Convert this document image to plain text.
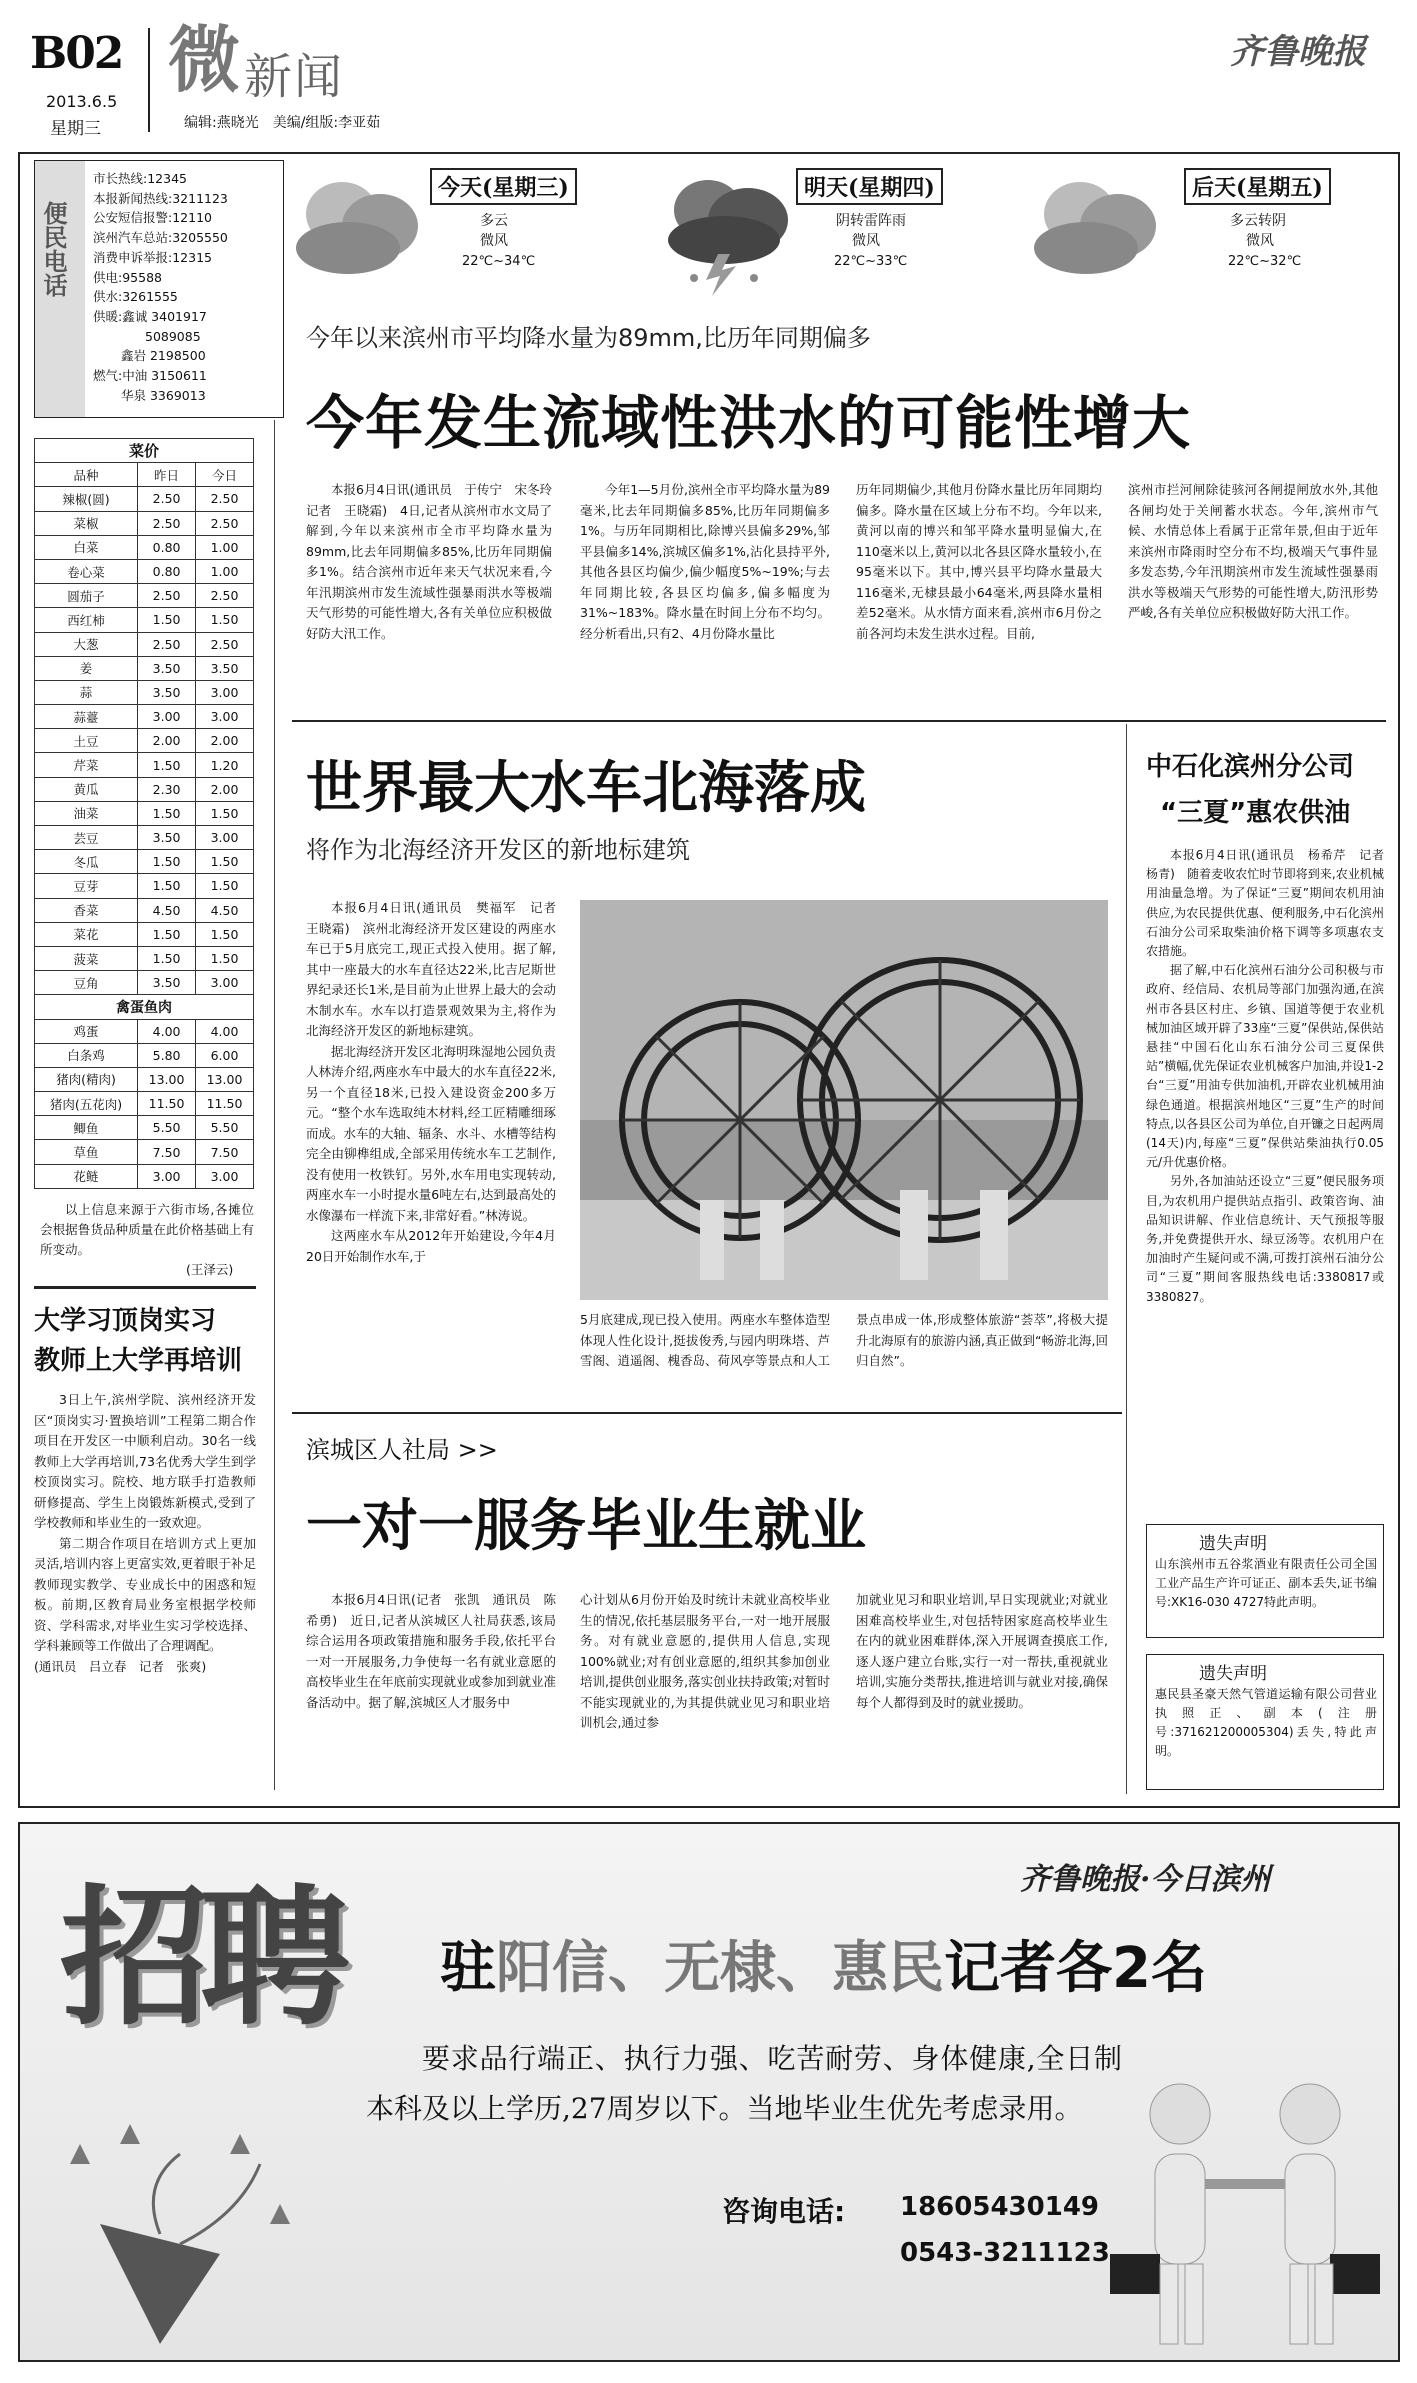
B02
2013.6.5
星期三
微 新闻
编辑:燕晓光　美编/组版:李亚茹
齐鲁晚报
便民电话
市长热线:12345
本报新闻热线:3211123
公安短信报警:12110
滨州汽车总站:3205550
消费申诉举报:12315
供电:95588
供水:3261555
供暖:鑫诚 3401917
5089085
鑫岩 2198500
燃气:中油 3150611
华泉 3369013
今天(星期三)
多云
微风
22℃~34℃
明天(星期四)
阴转雷阵雨
微风
22℃~33℃
后天(星期五)
多云转阴
微风
22℃~32℃
菜价		
品种	昨日	今日
辣椒(圆)	2.50	2.50
菜椒	2.50	2.50
白菜	0.80	1.00
卷心菜	0.80	1.00
圆茄子	2.50	2.50
西红柿	1.50	1.50
大葱	2.50	2.50
姜	3.50	3.50
蒜	3.50	3.00
蒜薹	3.00	3.00
土豆	2.00	2.00
芹菜	1.50	1.20
黄瓜	2.30	2.00
油菜	1.50	1.50
芸豆	3.50	3.00
冬瓜	1.50	1.50
豆芽	1.50	1.50
香菜	4.50	4.50
菜花	1.50	1.50
菠菜	1.50	1.50
豆角	3.50	3.00
禽蛋鱼肉		
鸡蛋	4.00	4.00
白条鸡	5.80	6.00
猪肉(精肉)	13.00	13.00
猪肉(五花肉)	11.50	11.50
鲫鱼	5.50	5.50
草鱼	7.50	7.50
花鲢	3.00	3.00
以上信息来源于六街市场,各摊位会根据鲁货品种质量在此价格基础上有所变动。
(王泽云)
大学习顶岗实习
教师上大学再培训

3日上午,滨州学院、滨州经济开发区“顶岗实习·置换培训”工程第二期合作项目在开发区一中顺利启动。30名一线教师上大学再培训,73名优秀大学生到学校顶岗实习。院校、地方联手打造教师研修提高、学生上岗锻炼新模式,受到了学校教师和毕业生的一致欢迎。

第二期合作项目在培训方式上更加灵活,培训内容上更富实效,更着眼于补足教师现实教学、专业成长中的困惑和短板。前期,区教育局业务室根据学校师资、学科需求,对毕业生实习学校选择、学科兼顾等工作做出了合理调配。

(通讯员　吕立春　记者　张爽)
今年以来滨州市平均降水量为89mm,比历年同期偏多
今年发生流域性洪水的可能性增大

本报6月4日讯(通讯员　于传宁　宋冬玲　记者　王晓霜)　4日,记者从滨州市水文局了解到,今年以来滨州市全市平均降水量为89mm,比去年同期偏多85%,比历年同期偏多1%。结合滨州市近年来天气状况来看,今年汛期滨州市发生流域性强暴雨洪水等极端天气形势的可能性增大,各有关单位应积极做好防大汛工作。

今年1—5月份,滨州全市平均降水量为89毫米,比去年同期偏多85%,比历年同期偏多1%。与历年同期相比,除博兴县偏多29%,邹平县偏多14%,滨城区偏多1%,沾化县持平外,其他各县区均偏少,偏少幅度5%~19%;与去年同期比较,各县区均偏多,偏多幅度为31%~183%。降水量在时间上分布不均匀。经分析看出,只有2、4月份降水量比

历年同期偏少,其他月份降水量比历年同期均偏多。降水量在区域上分布不均。今年以来,黄河以南的博兴和邹平降水量明显偏大,在110毫米以上,黄河以北各县区降水量较小,在95毫米以下。其中,博兴县平均降水量最大116毫米,无棣县最小64毫米,两县降水量相差52毫米。从水情方面来看,滨州市6月份之前各河均未发生洪水过程。目前,

滨州市拦河闸除徒骇河各闸提闸放水外,其他各闸均处于关闸蓄水状态。今年,滨州市气候、水情总体上看属于正常年景,但由于近年来滨州市降雨时空分布不均,极端天气事件显多发态势,今年汛期滨州市发生流域性强暴雨洪水等极端天气形势的可能性增大,防汛形势严峻,各有关单位应积极做好防大汛工作。

世界最大水车北海落成
将作为北海经济开发区的新地标建筑

本报6月4日讯(通讯员　樊福军　记者　王晓霜)　滨州北海经济开发区建设的两座水车已于5月底完工,现正式投入使用。据了解,其中一座最大的水车直径达22米,比吉尼斯世界纪录还长1米,是目前为止世界上最大的会动木制水车。水车以打造景观效果为主,将作为北海经济开发区的新地标建筑。

据北海经济开发区北海明珠湿地公园负责人林涛介绍,两座水车中最大的水车直径22米,另一个直径18米,已投入建设资金200多万元。“整个水车选取纯木材料,经工匠精雕细琢而成。水车的大轴、辐条、水斗、水槽等结构完全由铆榫组成,全部采用传统水车工艺制作,没有使用一枚铁钉。另外,水车用电实现转动,两座水车一小时提水量6吨左右,达到最高处的水像瀑布一样流下来,非常好看。”林涛说。

这两座水车从2012年开始建设,今年4月20日开始制作水车,于

5月底建成,现已投入使用。两座水车整体造型体现人性化设计,挺拔俊秀,与园内明珠塔、芦雪阁、逍遥阁、槐香岛、荷风亭等景点和人工
景点串成一体,形成整体旅游“荟萃”,将极大提升北海原有的旅游内涵,真正做到“畅游北海,回归自然”。
中石化滨州分公司
“三夏”惠农供油

本报6月4日讯(通讯员　杨希芹　记者　杨青)　随着麦收农忙时节即将到来,农业机械用油量急增。为了保证“三夏”期间农机用油供应,为农民提供优惠、便利服务,中石化滨州石油分公司采取柴油价格下调等多项惠农支农措施。

据了解,中石化滨州石油分公司积极与市政府、经信局、农机局等部门加强沟通,在滨州市各县区村庄、乡镇、国道等便于农业机械加油区域开辟了33座“三夏”保供站,保供站悬挂“中国石化山东石油分公司三夏保供站”横幅,优先保证农业机械客户加油,并设1-2台“三夏”用油专供加油机,开辟农业机械用油绿色通道。根据滨州地区“三夏”生产的时间特点,以各县区公司为单位,自开镰之日起两周(14天)内,每座“三夏”保供站柴油执行0.05元/升优惠价格。

另外,各加油站还设立“三夏”便民服务项目,为农机用户提供站点指引、政策咨询、油品知识讲解、作业信息统计、天气预报等服务,并免费提供开水、绿豆汤等。农机用户在加油时产生疑问或不满,可拨打滨州石油分公司“三夏”期间客服热线电话:3380817或3380827。

遗失声明
山东滨州市五谷浆酒业有限责任公司全国工业产品生产许可证正、副本丢失,证书编号:XK16-030 4727特此声明。
遗失声明
惠民县圣豪天然气管道运输有限公司营业执照正、副本(注册号:371621200005304)丢失,特此声明。
滨城区人社局 >>
一对一服务毕业生就业

本报6月4日讯(记者　张凯　通讯员　陈希勇)　近日,记者从滨城区人社局获悉,该局综合运用各项政策措施和服务手段,依托平台一对一开展服务,力争使每一名有就业意愿的高校毕业生在年底前实现就业或参加到就业准备活动中。据了解,滨城区人才服务中

心计划从6月份开始及时统计未就业高校毕业生的情况,依托基层服务平台,一对一地开展服务。对有就业意愿的,提供用人信息,实现100%就业;对有创业意愿的,组织其参加创业培训,提供创业服务,落实创业扶持政策;对暂时不能实现就业的,为其提供就业见习和职业培训机会,通过参

加就业见习和职业培训,早日实现就业;对就业困难高校毕业生,对包括特困家庭高校毕业生在内的就业困难群体,深入开展调查摸底工作,逐人逐户建立台账,实行一对一帮扶,重视就业培训,实施分类帮扶,推进培训与就业对接,确保每个人都得到及时的就业援助。

齐鲁晚报·今日滨州
招聘 驻阳信、无棣、惠民记者各2名
要求品行端正、执行力强、吃苦耐劳、身体健康,全日制本科及以上学历,27周岁以下。当地毕业生优先考虑录用。
咨询电话: 18605430149
0543-3211123
